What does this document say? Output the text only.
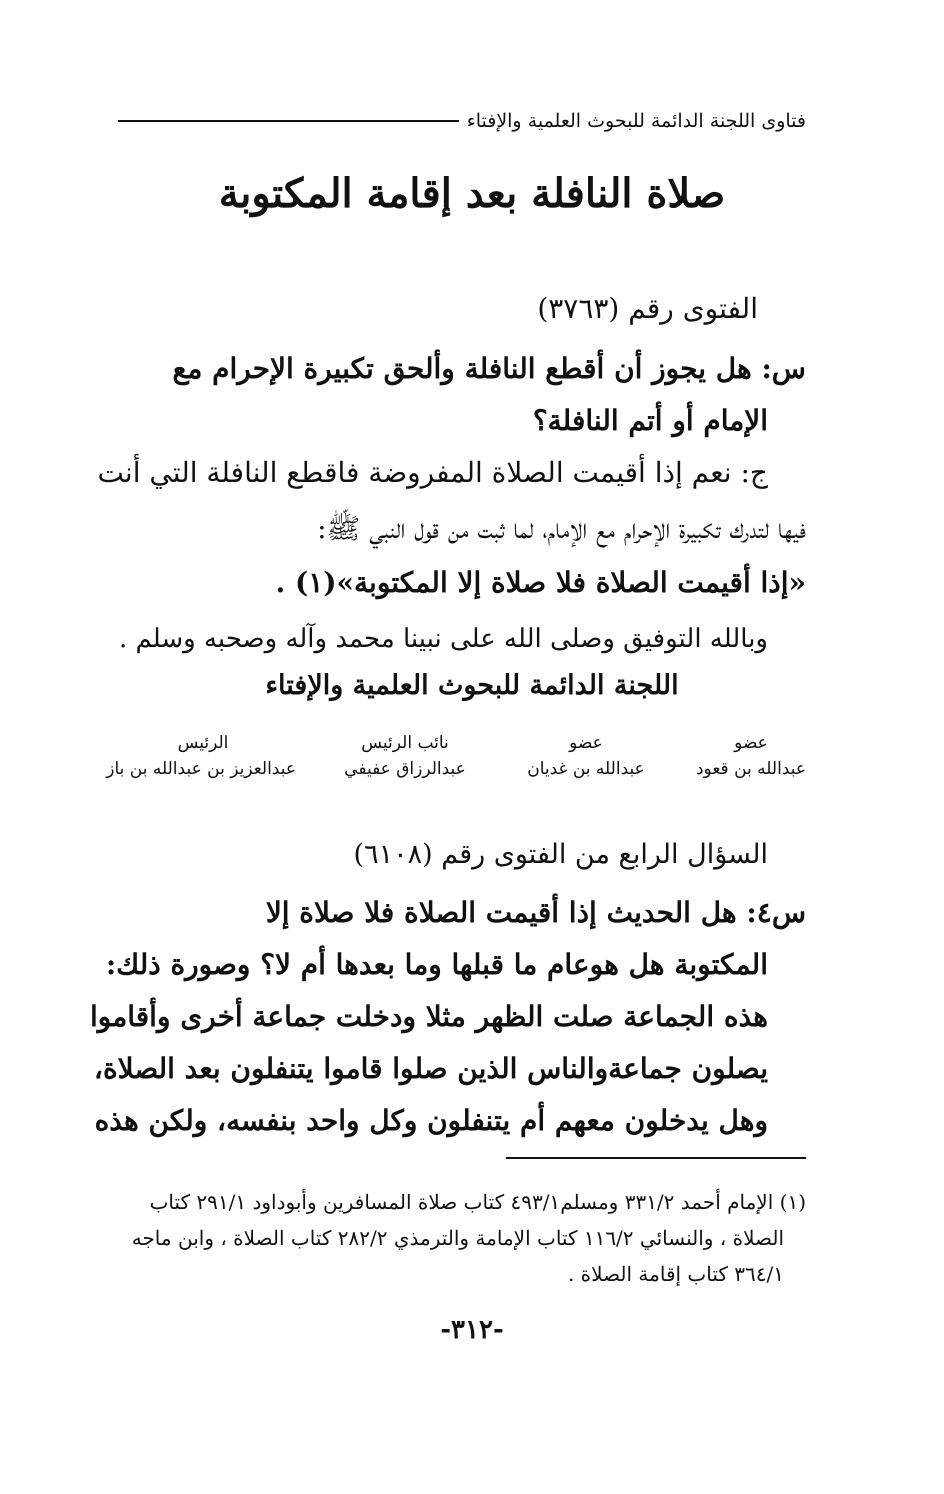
فتاوى اللجنة الدائمة للبحوث العلمية والإفتاء
صلاة النافلة بعد إقامة المكتوبة
الفتوى رقم (٣٧٦٣)
س: هل يجوز أن أقطع النافلة وألحق تكبيرة الإحرام مع
الإمام أو أتم النافلة؟
ج: نعم إذا أقيمت الصلاة المفروضة فاقطع النافلة التي أنت
فيها لتدرك تكبيرة الإحرام مع الإمام، لما ثبت من قول النبي ﷺ:
«إذا أقيمت الصلاة فلا صلاة إلا المكتوبة»(١) .
وبالله التوفيق وصلى الله على نبينا محمد وآله وصحبه وسلم .
اللجنة الدائمة للبحوث العلمية والإفتاء
عضو
عبدالله بن قعود
عضو
عبدالله بن غديان
نائب الرئيس
عبدالرزاق عفيفي
الرئيس
عبدالعزيز بن عبدالله بن باز
السؤال الرابع من الفتوى رقم (٦١٠٨)
س٤: هل الحديث إذا أقيمت الصلاة فلا صلاة إلا
المكتوبة هل هوعام ما قبلها وما بعدها أم لا؟ وصورة ذلك:
هذه الجماعة صلت الظهر مثلا ودخلت جماعة أخرى وأقاموا
يصلون جماعةوالناس الذين صلوا قاموا يتنفلون بعد الصلاة،
وهل يدخلون معهم أم يتنفلون وكل واحد بنفسه، ولكن هذه
(١) الإمام أحمد ٣٣١/٢ ومسلم٤٩٣/١ كتاب صلاة المسافرين وأبوداود ٢٩١/١ كتاب
الصلاة ، والنسائي ١١٦/٢ كتاب الإمامة والترمذي ٢٨٢/٢ كتاب الصلاة ، وابن ماجه
٣٦٤/١ كتاب إقامة الصلاة .
-٣١٢-
